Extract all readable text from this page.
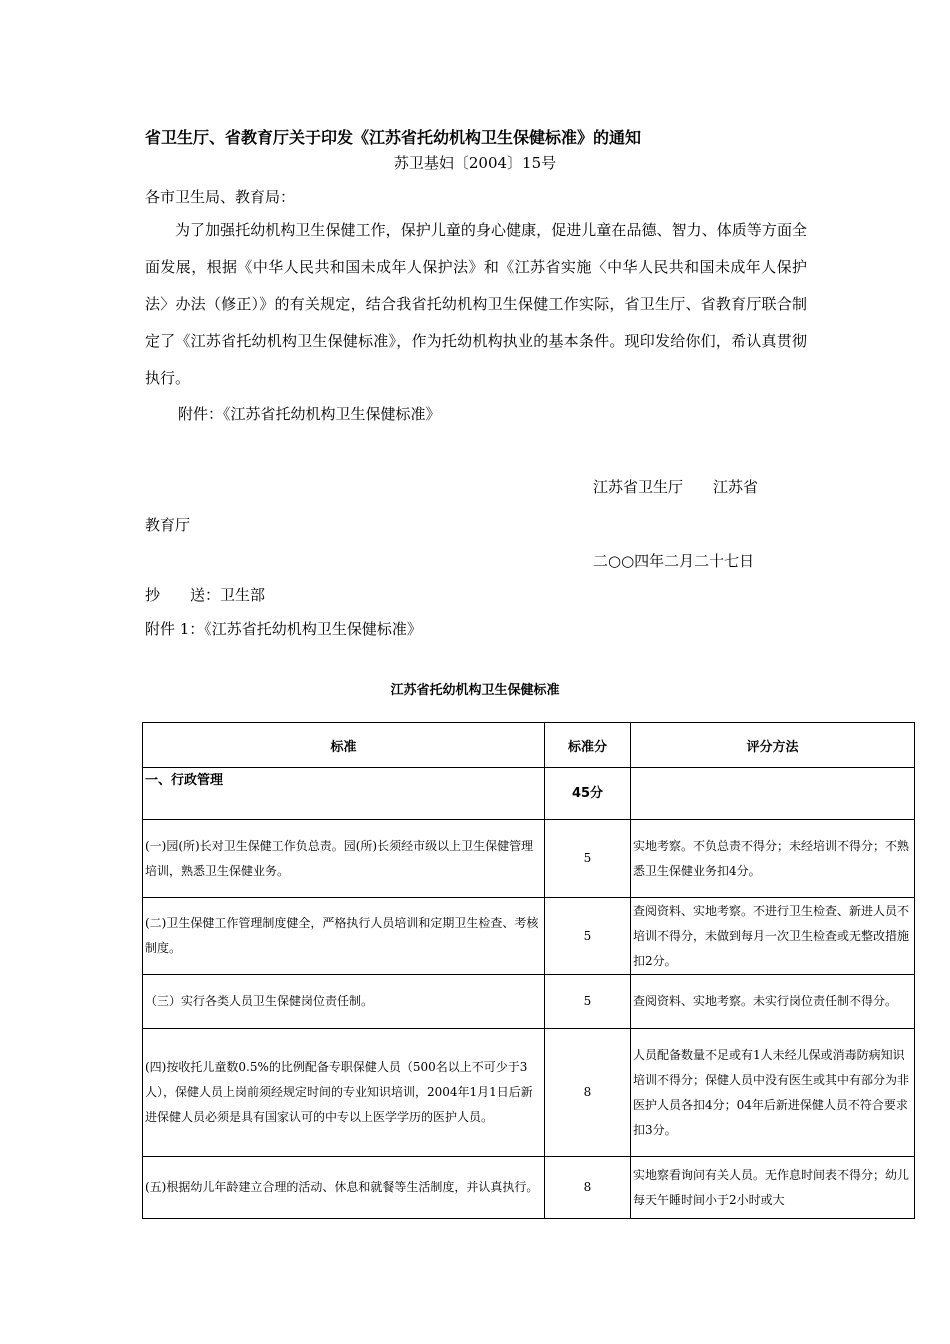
省卫生厅、省教育厅关于印发《江苏省托幼机构卫生保健标准》的通知
苏卫基妇〔2004〕15号
各市卫生局、教育局：
为了加强托幼机构卫生保健工作，保护儿童的身心健康，促进儿童在品德、智力、体质等方面全面发展，根据《中华人民共和国未成年人保护法》和《江苏省实施〈中华人民共和国未成年人保护法〉办法（修正）》的有关规定，结合我省托幼机构卫生保健工作实际，省卫生厅、省教育厅联合制定了《江苏省托幼机构卫生保健标准》，作为托幼机构执业的基本条件。现印发给你们，希认真贯彻执行。
附件：《江苏省托幼机构卫生保健标准》
江苏省卫生厅　　江苏省
教育厅
二○○四年二月二十七日
抄　　送：卫生部
附件 1：《江苏省托幼机构卫生保健标准》
江苏省托幼机构卫生保健标准
标准	标准分	评分方法
一、行政管理	45分	
(一)园(所)长对卫生保健工作负总责。园(所)长须经市级以上卫生保健管理培训，熟悉卫生保健业务。	5	实地考察。不负总责不得分；未经培训不得分；不熟悉卫生保健业务扣4分。
(二)卫生保健工作管理制度健全，严格执行人员培训和定期卫生检查、考核制度。	5	查阅资料、实地考察。不进行卫生检查、新进人员不培训不得分，未做到每月一次卫生检查或无整改措施扣2分。
（三）实行各类人员卫生保健岗位责任制。	5	查阅资料、实地考察。未实行岗位责任制不得分。
(四)按收托儿童数0.5%的比例配备专职保健人员（500名以上不可少于3人），保健人员上岗前须经规定时间的专业知识培训，2004年1月1日后新进保健人员必须是具有国家认可的中专以上医学学历的医护人员。	8	人员配备数量不足或有1人未经儿保或消毒防病知识培训不得分；保健人员中没有医生或其中有部分为非医护人员各扣4分；04年后新进保健人员不符合要求扣3分。
(五)根据幼儿年龄建立合理的活动、休息和就餐等生活制度，并认真执行。	8	实地察看询问有关人员。无作息时间表不得分；幼儿每天午睡时间小于2小时或大
